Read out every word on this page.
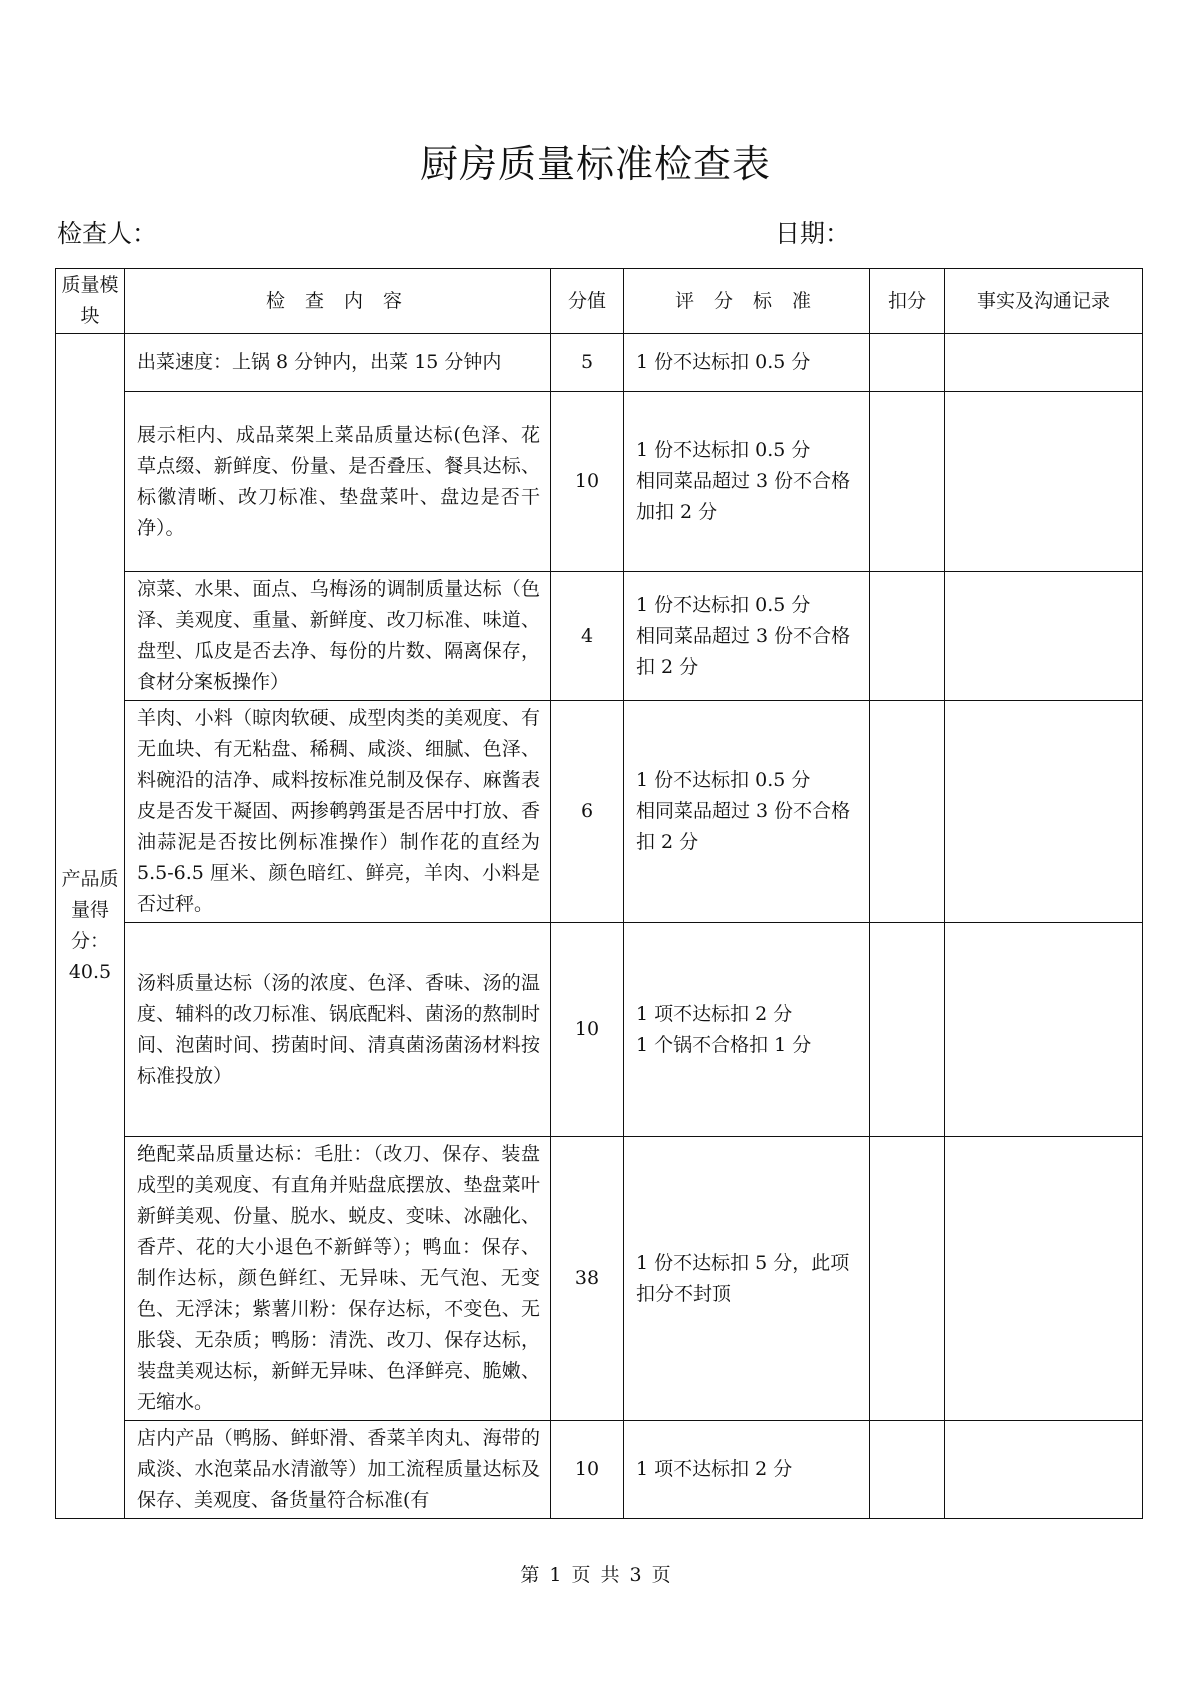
厨房质量标准检查表
检查人：	日期：
质量模块	检 查 内 容	分值	评 分 标 准	扣分	事实及沟通记录
产品质量得分：40.5	出菜速度：上锅 8 分钟内，出菜 15 分钟内	5	1 份不达标扣 0.5 分		

	展示柜内、成品菜架上菜品质量达标(色泽、花草点缀、新鲜度、份量、是否叠压、餐具达标、标徽清晰、改刀标准、垫盘菜叶、盘边是否干净）。	10	1 份不达标扣 0.5 分
相同菜品超过 3 份不合格加扣 2 分		

	凉菜、水果、面点、乌梅汤的调制质量达标（色泽、美观度、重量、新鲜度、改刀标准、味道、盘型、瓜皮是否去净、每份的片数、隔离保存，食材分案板操作）	4	1 份不达标扣 0.5 分
相同菜品超过 3 份不合格扣 2 分		

	羊肉、小料（晾肉软硬、成型肉类的美观度、有无血块、有无粘盘、稀稠、咸淡、细腻、色泽、料碗沿的洁净、咸料按标准兑制及保存、麻酱表皮是否发干凝固、两掺鹌鹑蛋是否居中打放、香油蒜泥是否按比例标准操作）制作花的直经为 5.5-6.5 厘米、颜色暗红、鲜亮，羊肉、小料是否过秤。	6	1 份不达标扣 0.5 分
相同菜品超过 3 份不合格扣 2 分		

	汤料质量达标（汤的浓度、色泽、香味、汤的温度、辅料的改刀标准、锅底配料、菌汤的熬制时间、泡菌时间、捞菌时间、清真菌汤菌汤材料按标准投放）	10	1 项不达标扣 2 分
1 个锅不合格扣 1 分		

	绝配菜品质量达标：毛肚：（改刀、保存、装盘成型的美观度、有直角并贴盘底摆放、垫盘菜叶新鲜美观、份量、脱水、蜕皮、变味、冰融化、香芹、花的大小退色不新鲜等）；鸭血：保存、制作达标，颜色鲜红、无异味、无气泡、无变色、无浮沫；紫薯川粉：保存达标，不变色、无胀袋、无杂质；鸭肠：清洗、改刀、保存达标，装盘美观达标，新鲜无异味、色泽鲜亮、脆嫩、无缩水。	38	1 份不达标扣 5 分，此项扣分不封顶		

	店内产品（鸭肠、鲜虾滑、香菜羊肉丸、海带的咸淡、水泡菜品水清澈等）加工流程质量达标及保存、美观度、备货量符合标准(有	10	1 项不达标扣 2 分		

第 1 页 共 3 页
